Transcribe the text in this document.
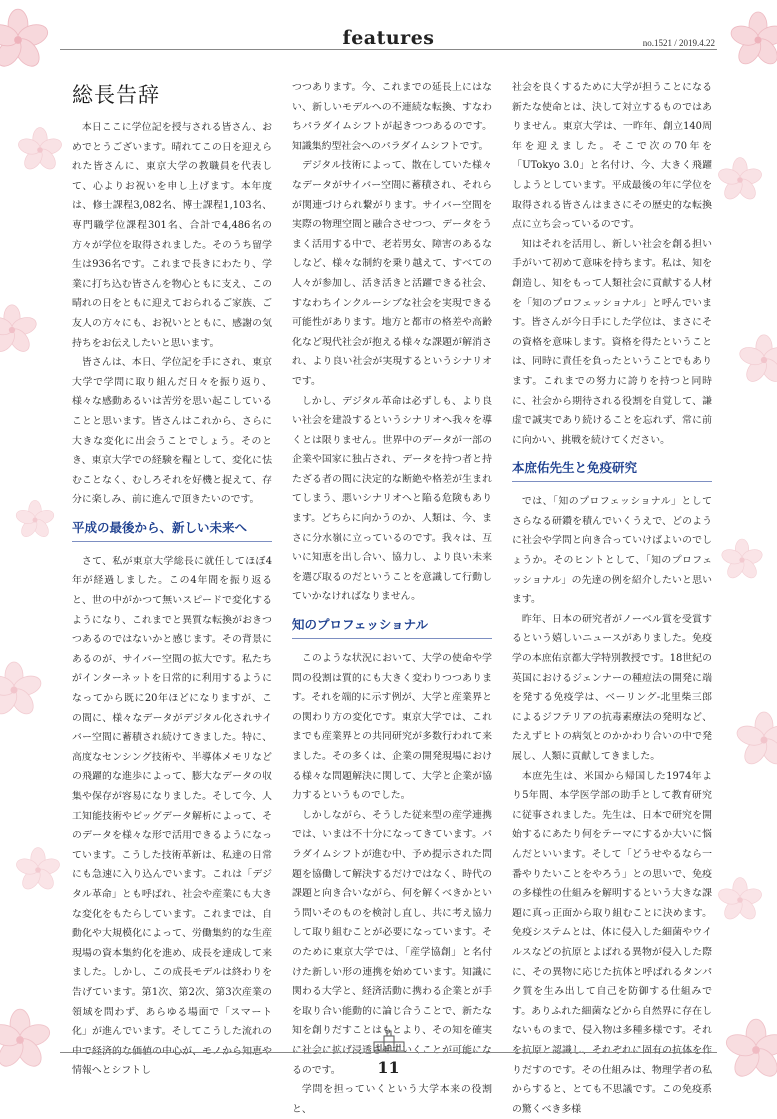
features	no.1521 / 2019.4.22
総長告辞

本日ここに学位記を授与される皆さん、おめでとうございます。晴れてこの日を迎えられた皆さんに、東京大学の教職員を代表して、心よりお祝いを申し上げます。本年度は、修士課程3,082名、博士課程1,103名、専門職学位課程301名、合計で4,486名の方々が学位を取得されました。そのうち留学生は936名です。これまで長きにわたり、学業に打ち込む皆さんを物心ともに支え、この晴れの日をともに迎えておられるご家族、ご友人の方々にも、お祝いとともに、感謝の気持ちをお伝えしたいと思います。

皆さんは、本日、学位記を手にされ、東京大学で学問に取り組んだ日々を振り返り、様々な感動あるいは苦労を思い起こしていることと思います。皆さんはこれから、さらに大きな変化に出会うことでしょう。そのとき、東京大学での経験を糧として、変化に怯むことなく、むしろそれを好機と捉えて、存分に楽しみ、前に進んで頂きたいのです。

平成の最後から、新しい未来へ

さて、私が東京大学総長に就任してほぼ4年が経過しました。この4年間を振り返ると、世の中がかつて無いスピードで変化するようになり、これまでと異質な転換がおきつつあるのではないかと感じます。その背景にあるのが、サイバー空間の拡大です。私たちがインターネットを日常的に利用するようになってから既に20年ほどになりますが、この間に、様々なデータがデジタル化されサイバー空間に蓄積され続けてきました。特に、高度なセンシング技術や、半導体メモリなどの飛躍的な進歩によって、膨大なデータの収集や保存が容易になりました。そして今、人工知能技術やビッグデータ解析によって、そのデータを様々な形で活用できるようになっています。こうした技術革新は、私達の日常にも急速に入り込んでいます。これは「デジタル革命」とも呼ばれ、社会や産業にも大きな変化をもたらしています。これまでは、自動化や大規模化によって、労働集約的な生産現場の資本集約化を進め、成長を達成して来ました。しかし、この成長モデルは終わりを告げています。第1次、第2次、第3次産業の領域を問わず、あらゆる場面で「スマート化」が進んでいます。そしてこうした流れの中で経済的な価値の中心が、モノから知恵や情報へとシフトし

つつあります。今、これまでの延長上にはない、新しいモデルへの不連続な転換、すなわちパラダイムシフトが起きつつあるのです。知識集約型社会へのパラダイムシフトです。

デジタル技術によって、散在していた様々なデータがサイバー空間に蓄積され、それらが関連づけられ繋がります。サイバー空間を実際の物理空間と融合させつつ、データをうまく活用する中で、老若男女、障害のあるなしなど、様々な制約を乗り越えて、すべての人々が参加し、活き活きと活躍できる社会、すなわちインクルーシブな社会を実現できる可能性があります。地方と都市の格差や高齢化など現代社会が抱える様々な課題が解消され、より良い社会が実現するというシナリオです。

しかし、デジタル革命は必ずしも、より良い社会を建設するというシナリオへ我々を導くとは限りません。世界中のデータが一部の企業や国家に独占され、データを持つ者と持たざる者の間に決定的な断絶や格差が生まれてしまう、悪いシナリオへと陥る危険もあります。どちらに向かうのか、人類は、今、まさに分水嶺に立っているのです。我々は、互いに知恵を出し合い、協力し、より良い未来を選び取るのだということを意識して行動していかなければなりません。

知のプロフェッショナル

このような状況において、大学の使命や学問の役割は質的にも大きく変わりつつあります。それを端的に示す例が、大学と産業界との関わり方の変化です。東京大学では、これまでも産業界との共同研究が多数行われて来ました。その多くは、企業の開発現場における様々な問題解決に関して、大学と企業が協力するというものでした。

しかしながら、そうした従来型の産学連携では、いまは不十分になってきています。パラダイムシフトが進む中、予め提示された問題を協働して解決するだけではなく、時代の課題と向き合いながら、何を解くべきかという問いそのものを検討し直し、共に考え協力して取り組むことが必要になっています。そのために東京大学では、「産学協創」と名付けた新しい形の連携を始めています。知識に関わる大学と、経済活動に携わる企業とが手を取り合い能動的に論じ合うことで、新たな知を創りだすことはもとより、その知を確実に社会に拡げ浸透させていくことが可能になるのです。

学問を担っていくという大学本来の役割と、

社会を良くするために大学が担うことになる新たな使命とは、決して対立するものではありません。東京大学は、一昨年、創立140周年を迎えました。そこで次の70年を「UTokyo 3.0」と名付け、今、大きく飛躍しようとしています。平成最後の年に学位を取得される皆さんはまさにその歴史的な転換点に立ち会っているのです。

知はそれを活用し、新しい社会を創る担い手がいて初めて意味を持ちます。私は、知を創造し、知をもって人類社会に貢献する人材を「知のプロフェッショナル」と呼んでいます。皆さんが今日手にした学位は、まさにその資格を意味します。資格を得たということは、同時に責任を負ったということでもあります。これまでの努力に誇りを持つと同時に、社会から期待される役割を自覚して、謙虚で誠実であり続けることを忘れず、常に前に向かい、挑戦を続けてください。

本庶佑先生と免疫研究

では、「知のプロフェッショナル」としてさらなる研鑽を積んでいくうえで、どのように社会や学問と向き合っていけばよいのでしょうか。そのヒントとして、「知のプロフェッショナル」の先達の例を紹介したいと思います。

昨年、日本の研究者がノーベル賞を受賞するという嬉しいニュースがありました。免疫学の本庶佑京都大学特別教授です。18世紀の英国におけるジェンナーの種痘法の開発に端を発する免疫学は、ベーリング-北里柴三郎によるジフテリアの抗毒素療法の発明など、たえずヒトの病気とのかかわり合いの中で発展し、人類に貢献してきました。

本庶先生は、米国から帰国した1974年より5年間、本学医学部の助手として教育研究に従事されました。先生は、日本で研究を開始するにあたり何をテーマにするか大いに悩んだといいます。そして「どうせやるなら一番やりたいことをやろう」との思いで、免疫の多様性の仕組みを解明するという大きな課題に真っ正面から取り組むことに決めます。免疫システムとは、体に侵入した細菌やウイルスなどの抗原とよばれる異物が侵入した際に、その異物に応じた抗体と呼ばれるタンパク質を生み出して自己を防御する仕組みです。ありふれた細菌などから自然界に存在しないものまで、侵入物は多種多様です。それを抗原と認識し、それぞれに固有の抗体を作りだすのです。その仕組みは、物理学者の私からすると、とても不思議です。この免疫系の驚くべき多様

11
